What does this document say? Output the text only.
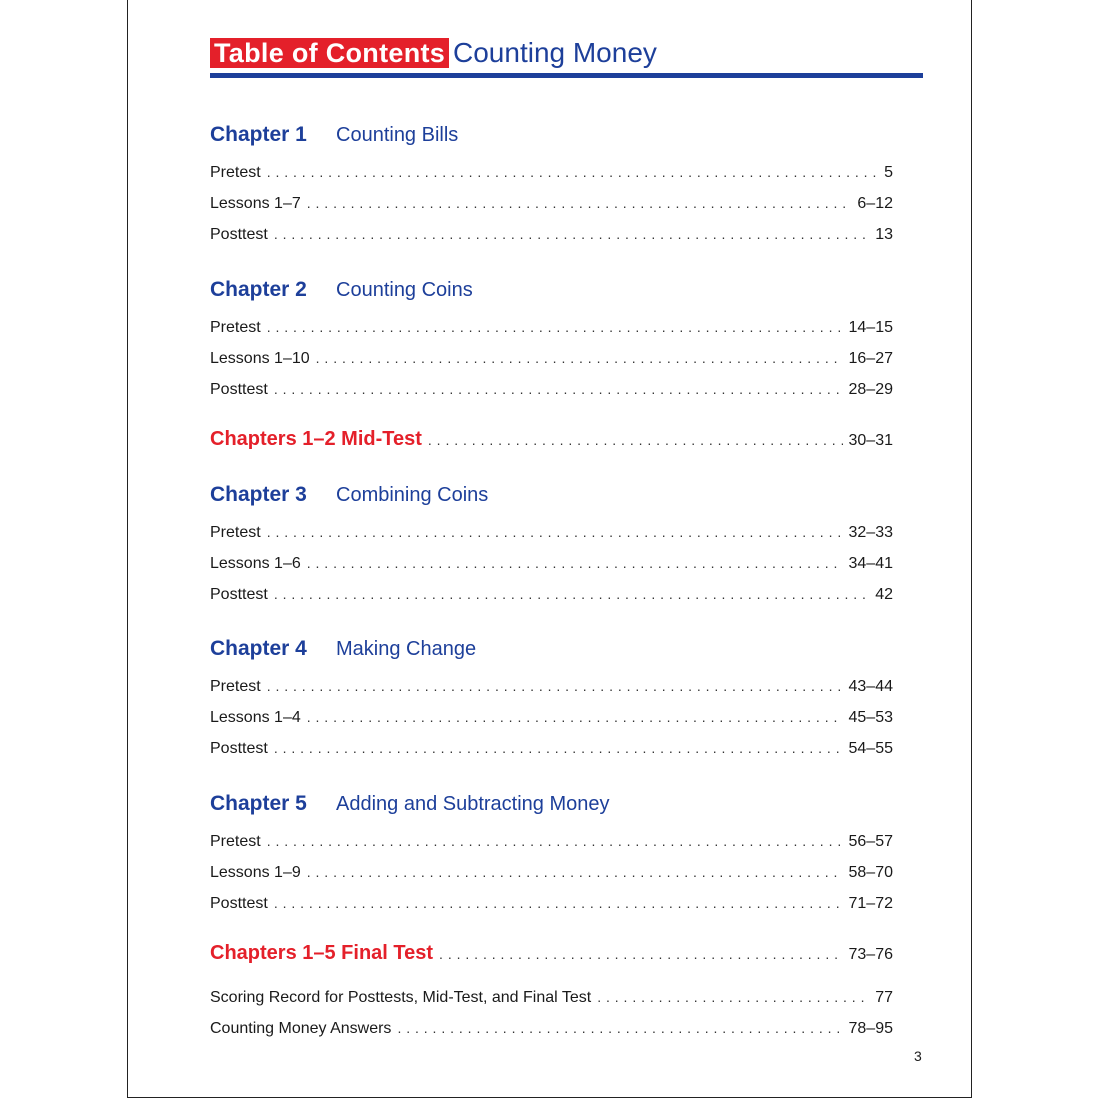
Table of Contents Counting Money
Chapter 1 Counting Bills
Pretest . . .	5
Lessons 1–7 . . .	6–12
Posttest . . .	13
Chapter 2 Counting Coins
Pretest . . .	14–15
Lessons 1–10 . . .	16–27
Posttest . . .	28–29
Chapters 1–2 Mid-Test . . .	30–31
Chapter 3 Combining Coins
Pretest . . .	32–33
Lessons 1–6 . . .	34–41
Posttest . . .	42
Chapter 4 Making Change
Pretest . . .	43–44
Lessons 1–4 . . .	45–53
Posttest . . .	54–55
Chapter 5 Adding and Subtracting Money
Pretest . . .	56–57
Lessons 1–9 . . .	58–70
Posttest . . .	71–72
Chapters 1–5 Final Test . . .	73–76
Scoring Record for Posttests, Mid-Test, and Final Test . . .	77
Counting Money Answers . . .	78–95
3
